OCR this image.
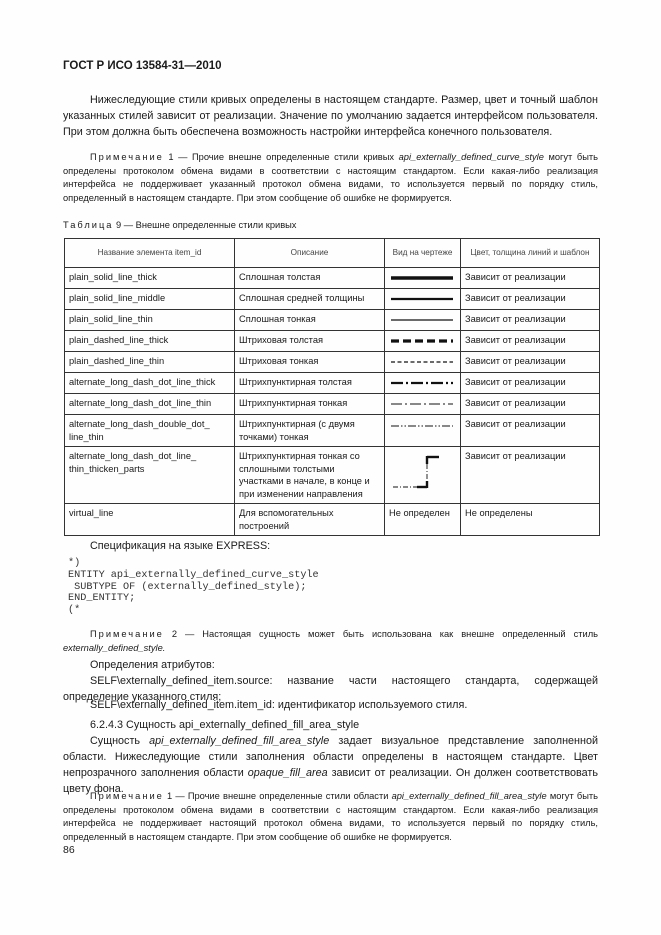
ГОСТ Р ИСО 13584-31—2010
Нижеследующие стили кривых определены в настоящем стандарте. Размер, цвет и точный шаблон указанных стилей зависит от реализации. Значение по умолчанию задается интерфейсом пользователя. При этом должна быть обеспечена возможность настройки интерфейса конечного пользователя.
Примечание 1 — Прочие внешне определенные стили кривых api_externally_defined_curve_style могут быть определены протоколом обмена видами в соответствии с настоящим стандартом. Если какая-либо реализация интерфейса не поддерживает указанный протокол обмена видами, то используется первый по порядку стиль, определенный в настоящем стандарте. При этом сообщение об ошибке не формируется.
Таблица 9 — Внешне определенные стили кривых
Название элемента item_id	Описание	Вид на чертеже	Цвет, толщина линий и шаблон
plain_solid_line_thick	Сплошная толстая		Зависит от реализации
plain_solid_line_middle	Сплошная средней толщины		Зависит от реализации
plain_solid_line_thin	Сплошная тонкая		Зависит от реализации
plain_dashed_line_thick	Штриховая толстая		Зависит от реализации
plain_dashed_line_thin	Штриховая тонкая		Зависит от реализации
alternate_long_dash_dot_line_thick	Штрихпунктирная толстая		Зависит от реализации
alternate_long_dash_dot_line_thin	Штрихпунктирная тонкая		Зависит от реализации
alternate_long_dash_double_dot_
line_thin	Штрихпунктирная (с двумя точками) тонкая		Зависит от реализации
alternate_long_dash_dot_line_
thin_thicken_parts	Штрихпунктирная тонкая со сплошными толстыми участками в начале, в конце и при изменении направления		Зависит от реализации
virtual_line	Для вспомогательных построений	Не определен	Не определены
Спецификация на языке EXPRESS:
*)
ENTITY api_externally_defined_curve_style
SUBTYPE OF (externally_defined_style);
END_ENTITY;
(*
Примечание 2 — Настоящая сущность может быть использована как внешне определенный стиль externally_defined_style.
Определения атрибутов:
SELF\externally_defined_item.source: название части настоящего стандарта, содержащей определение указанного стиля;
SELF\externally_defined_item.item_id: идентификатор используемого стиля.
6.2.4.3 Сущность api_externally_defined_fill_area_style
Сущность api_externally_defined_fill_area_style задает визуальное представление заполненной области. Нижеследующие стили заполнения области определены в настоящем стандарте. Цвет непрозрачного заполнения области opaque_fill_area зависит от реализации. Он должен соответствовать цвету фона.
Примечание 1 — Прочие внешне определенные стили области api_externally_defined_fill_area_style могут быть определены протоколом обмена видами в соответствии с настоящим стандартом. Если какая-либо реализация интерфейса не поддерживает настоящий протокол обмена видами, то используется первый по порядку стиль, определенный в настоящем стандарте. При этом сообщение об ошибке не формируется.
86
